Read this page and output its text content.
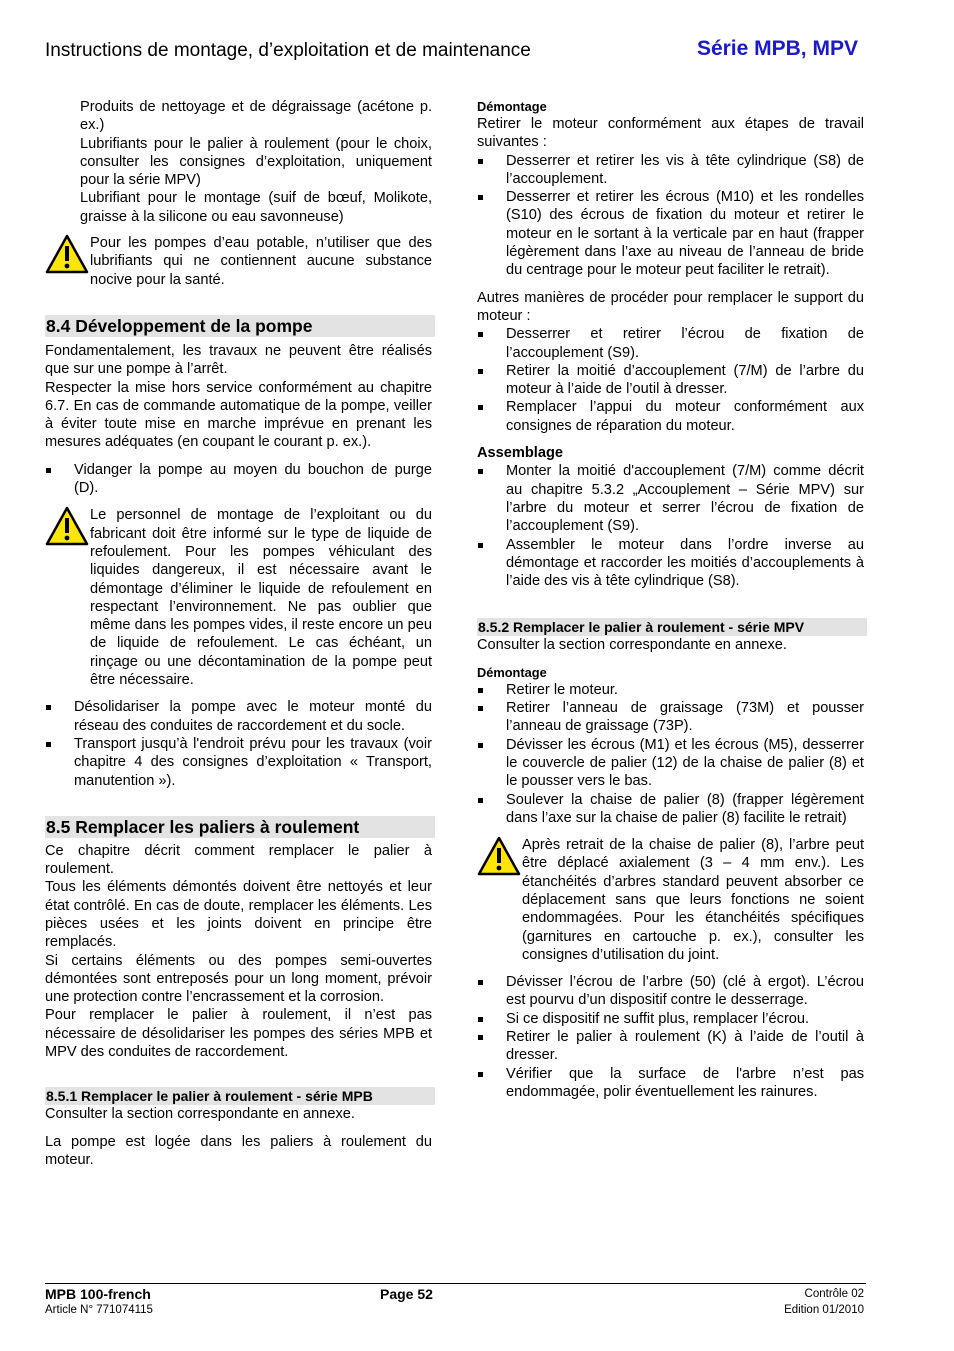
Instructions de montage, d’exploitation et de maintenance	Série MPB, MPV

Produits de nettoyage et de dégraissage (acétone p. ex.)

Lubrifiants pour le palier à roulement (pour le choix, consulter les consignes d’exploitation, uniquement pour la série MPV)

Lubrifiant pour le montage (suif de bœuf, Molikote, graisse à la silicone ou eau savonneuse)

Pour les pompes d’eau potable, n’utiliser que des lubrifiants qui ne contiennent aucune substance nocive pour la santé.

8.4 Développement de la pompe

Fondamentalement, les travaux ne peuvent être réalisés que sur une pompe à l’arrêt.

Respecter la mise hors service conformément au chapitre 6.7. En cas de commande automatique de la pompe, veiller à éviter toute mise en marche imprévue en prenant les mesures adéquates (en coupant le courant p. ex.).

Vidanger la pompe au moyen du bouchon de purge (D).

Le personnel de montage de l’exploitant ou du fabricant doit être informé sur le type de liquide de refoulement. Pour les pompes véhiculant des liquides dangereux, il est nécessaire avant le démontage d’éliminer le liquide de refoulement en respectant l’environnement. Ne pas oublier que même dans les pompes vides, il reste encore un peu de liquide de refoulement. Le cas échéant, un rinçage ou une décontamination de la pompe peut être nécessaire.

Désolidariser la pompe avec le moteur monté du réseau des conduites de raccordement et du socle.
Transport jusqu’à l'endroit prévu pour les travaux (voir chapitre 4 des consignes d’exploitation « Transport, manutention »).
8.5 Remplacer les paliers à roulement

Ce chapitre décrit comment remplacer le palier à roulement.

Tous les éléments démontés doivent être nettoyés et leur état contrôlé. En cas de doute, remplacer les éléments. Les pièces usées et les joints doivent en principe être remplacés.

Si certains éléments ou des pompes semi-ouvertes démontées sont entreposés pour un long moment, prévoir une protection contre l’encrassement et la corrosion.

Pour remplacer le palier à roulement, il n’est pas nécessaire de désolidariser les pompes des séries MPB et MPV des conduites de raccordement.

8.5.1 Remplacer le palier à roulement - série MPB

Consulter la section correspondante en annexe.

La pompe est logée dans les paliers à roulement du moteur.

Démontage

Retirer le moteur conformément aux étapes de travail suivantes :

Desserrer et retirer les vis à tête cylindrique (S8) de l’accouplement.
Desserrer et retirer les écrous (M10) et les rondelles (S10) des écrous de fixation du moteur et retirer le moteur en le sortant à la verticale par en haut (frapper légèrement dans l’axe au niveau de l’anneau de bride du centrage pour le moteur peut faciliter le retrait).

Autres manières de procéder pour remplacer le support du moteur :

Desserrer et retirer l’écrou de fixation de l’accouplement (S9).
Retirer la moitié d’accouplement (7/M) de l’arbre du moteur à l’aide de l’outil à dresser.
Remplacer l’appui du moteur conformément aux consignes de réparation du moteur.
Assemblage
Monter la moitié d'accouplement (7/M) comme décrit au chapitre 5.3.2 „Accouplement – Série MPV) sur l’arbre du moteur et serrer l’écrou de fixation de l’accouplement (S9).
Assembler le moteur dans l’ordre inverse au démontage et raccorder les moitiés d’accouplements à l’aide des vis à tête cylindrique (S8).
8.5.2 Remplacer le palier à roulement - série MPV

Consulter la section correspondante en annexe.

Démontage
Retirer le moteur.
Retirer l’anneau de graissage (73M) et pousser l’anneau de graissage (73P).
Dévisser les écrous (M1) et les écrous (M5), desserrer le couvercle de palier (12) de la chaise de palier (8) et le pousser vers le bas.
Soulever la chaise de palier (8) (frapper légèrement dans l’axe sur la chaise de palier (8) facilite le retrait)

Après retrait de la chaise de palier (8), l’arbre peut être déplacé axialement (3 – 4 mm env.). Les étanchéités d’arbres standard peuvent absorber ce déplacement sans que leurs fonctions ne soient endommagées. Pour les étanchéités spécifiques (garnitures en cartouche p. ex.), consulter les consignes d’utilisation du joint.

Dévisser l’écrou de l’arbre (50) (clé à ergot). L’écrou est pourvu d’un dispositif contre le desserrage.
Si ce dispositif ne suffit plus, remplacer l’écrou.
Retirer le palier à roulement (K) à l’aide de l’outil à dresser.
Vérifier que la surface de l'arbre n’est pas endommagée, polir éventuellement les rainures.
MPB 100-french
Article N° 771074115
Page 52	Contrôle 02
Edition 01/2010
